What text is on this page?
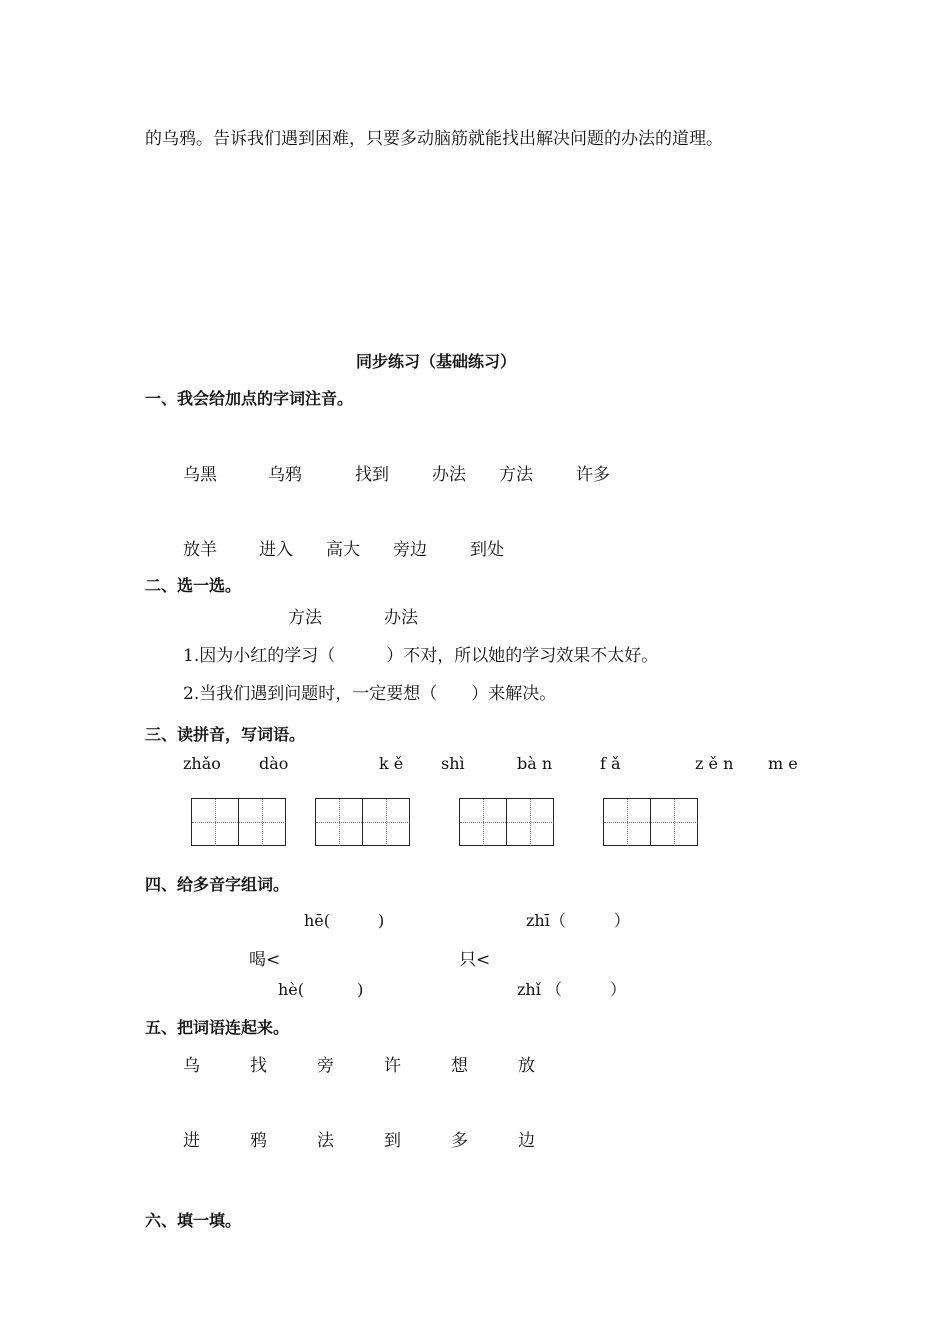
的乌鸦。告诉我们遇到困难，只要多动脑筋就能找出解决问题的办法的道理。
同步练习（基础练习）
一、我会给加点的字词注音。
乌黑	乌鸦	找到	办法 方法	许多
放羊 进入 高大 旁边	到处
二、选一选。
方法	办法
1.因为小红的学习（　　　）不对，所以她的学习效果不太好。
2.当我们遇到问题时，一定要想（　　）来解决。
三、读拼音，写词语。
zhǎo dào	k ě shì	bà n	f ǎ	z ě n m e
四、给多音字组词。
hē(　　　)
喝<
hè(　　　 )
zhī（　　　）
只<
zhǐ （　　　）
五、把词语连起来。
乌	找	旁	许	想	放
进	鸦	法	到	多	边
六、填一填。
